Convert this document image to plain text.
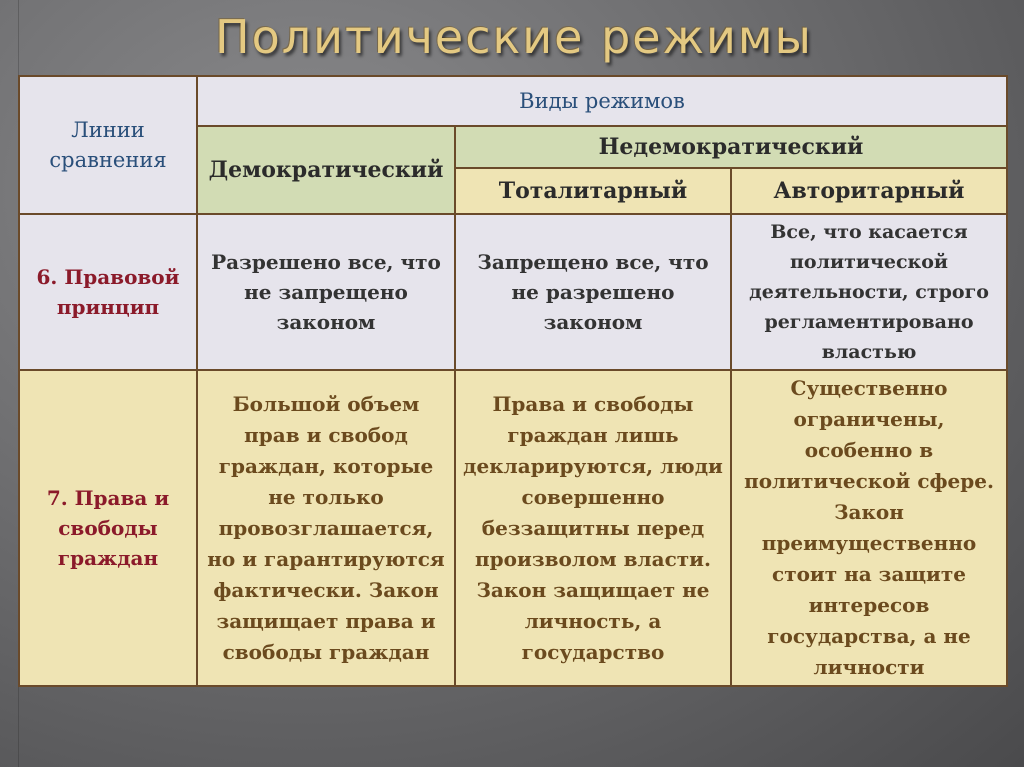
Политические режимы
Линии сравнения	Виды режимов		
	Демократический	Недемократический	
		Тоталитарный	Авторитарный
6. Правовой принцип	Разрешено все, что не запрещено законом	Запрещено все, что не разрешено законом	Все, что касается политической деятельности, строго регламентировано властью
7. Права и свободы граждан	Большой объем прав и свобод граждан, которые не только провозглашается, но и гарантируются фактически. Закон защищает права и свободы граждан	Права и свободы граждан лишь декларируются, люди совершенно беззащитны перед произволом власти. Закон защищает не личность, а государство	Существенно ограничены, особенно в политической сфере. Закон преимущественно стоит на защите интересов государства, а не личности
